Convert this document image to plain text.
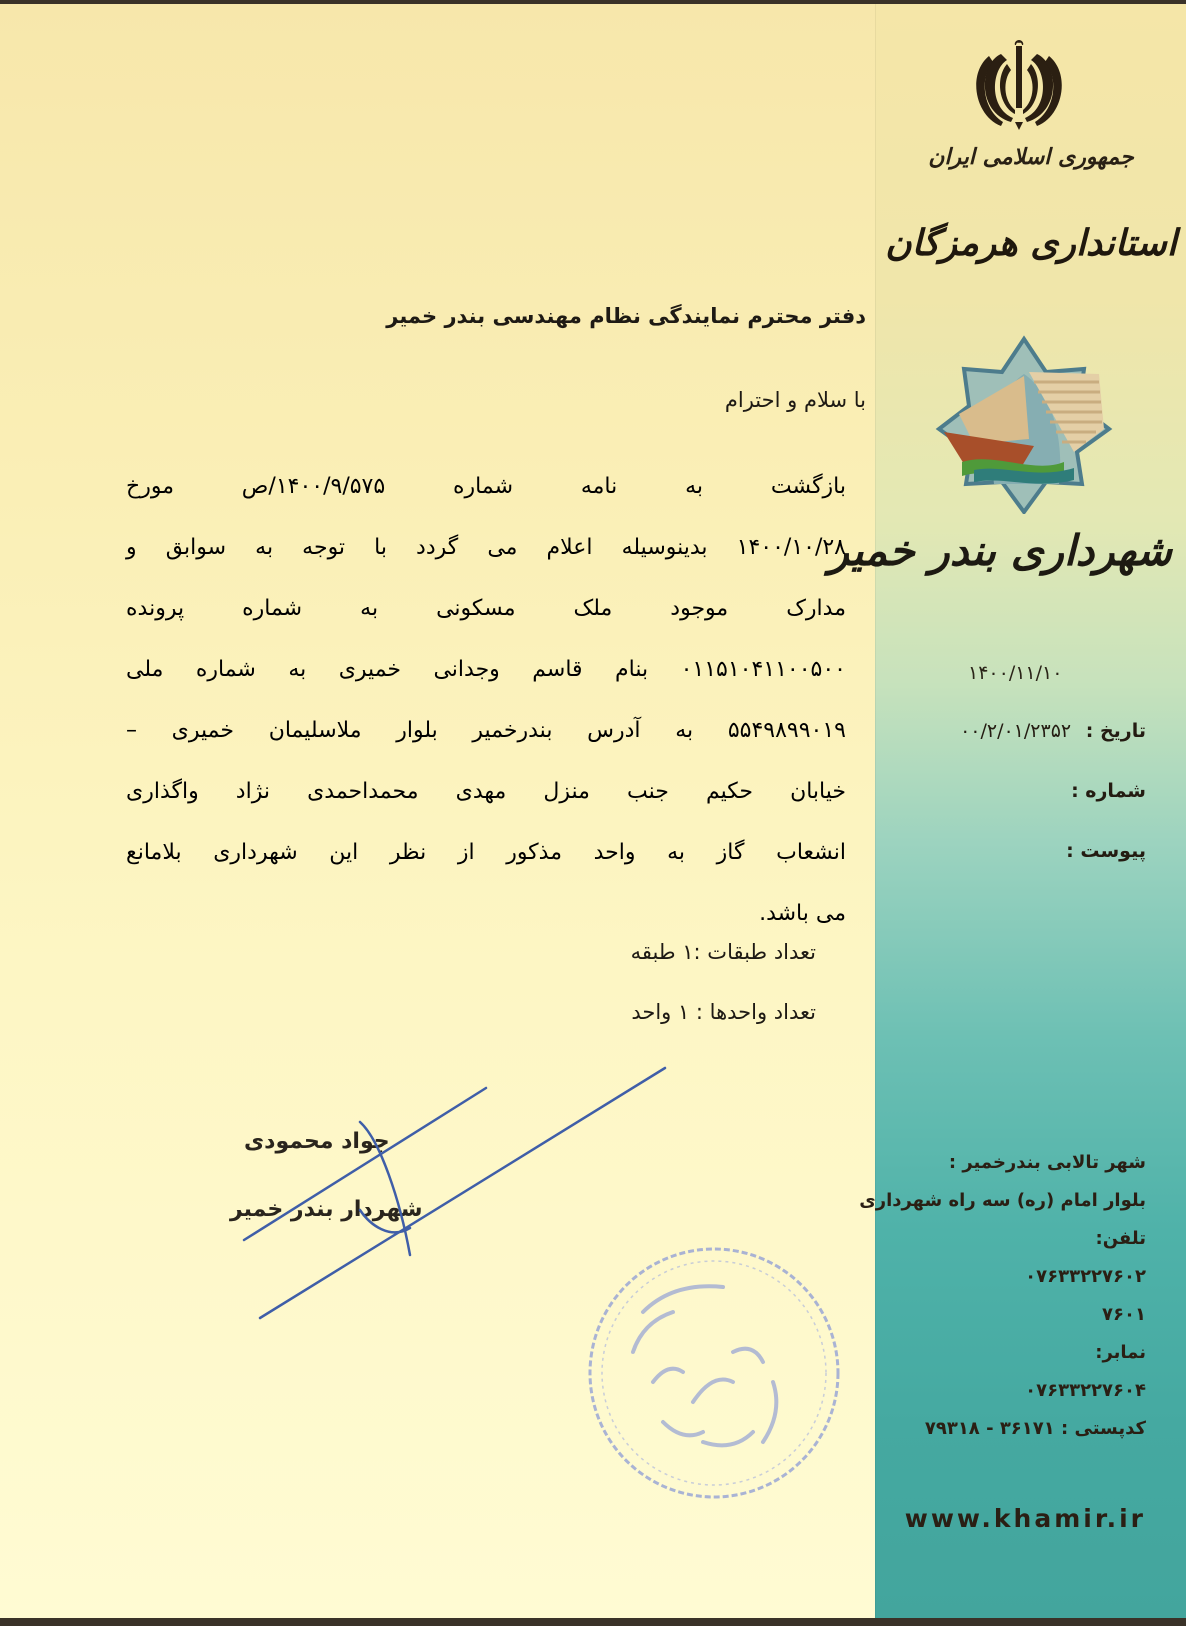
جمهوری اسلامی ایران
استانداری هرمزگان
شهرداری بندر خمیر
۱۴۰۰/۱۱/۱۰
تاریخ : ۰۰/۲/۰۱/۲۳۵۲
شماره :
پیوست :
شهر تالابی بندرخمیر :
بلوار امام (ره) سه راه شهرداری
تلفن:
۰۷۶۳۳۲۲۷۶۰۲
۷۶۰۱
نمابر:
۰۷۶۳۳۲۲۷۶۰۴
کدپستی : ۳۶۱۷۱ - ۷۹۳۱۸
www.khamir.ir
دفتر محترم نمایندگی نظام مهندسی بندر خمیر
با سلام و احترام
بازگشت به نامه شماره ۱۴۰۰/۹/۵۷۵/ص مورخ
۱۴۰۰/۱۰/۲۸ بدینوسیله اعلام می گردد با توجه به سوابق و
مدارک موجود ملک مسکونی به شماره پرونده
۰۱۱۵۱۰۴۱۱۰۰۵۰۰ بنام قاسم وجدانی خمیری به شماره ملی
۵۵۴۹۸۹۹۰۱۹ به آدرس بندرخمیر بلوار ملاسلیمان خمیری –
خیابان حکیم جنب منزل مهدی محمداحمدی نژاد واگذاری
انشعاب گاز به واحد مذکور از نظر این شهرداری بلامانع
می باشد.
تعداد طبقات :۱ طبقه
تعداد واحدها : ۱ واحد
جواد محمودی
شهردار بندر خمیر
